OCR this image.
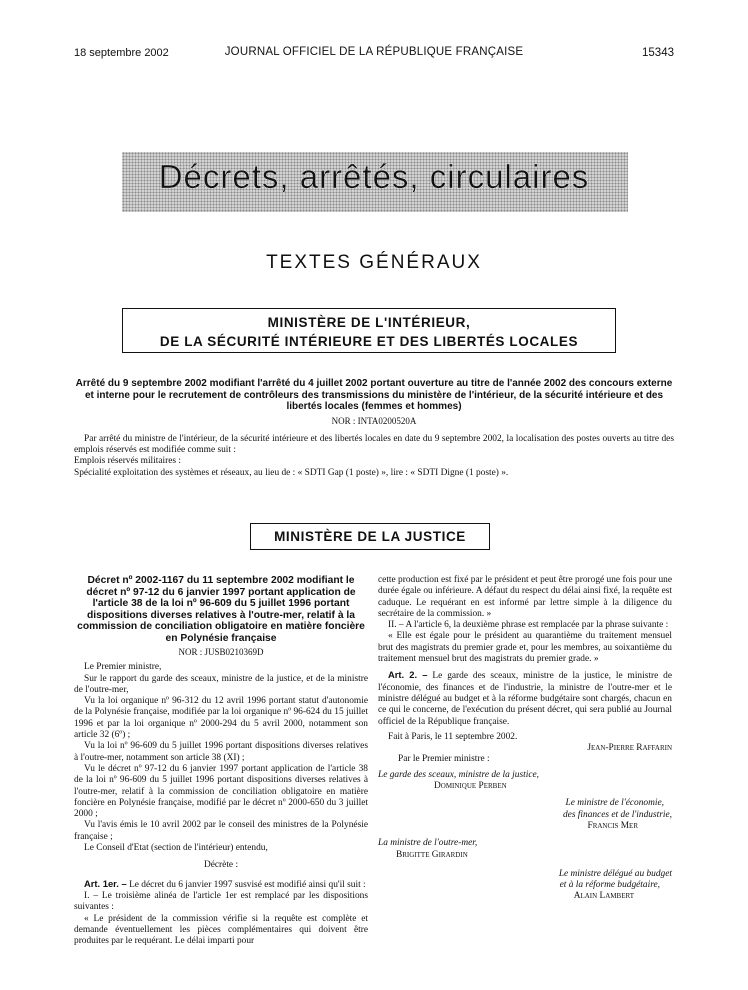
18 septembre 2002	JOURNAL OFFICIEL DE LA RÉPUBLIQUE FRANÇAISE	15343
Décrets, arrêtés, circulaires
TEXTES GÉNÉRAUX
MINISTÈRE DE L'INTÉRIEUR,
DE LA SÉCURITÉ INTÉRIEURE ET DES LIBERTÉS LOCALES
Arrêté du 9 septembre 2002 modifiant l'arrêté du 4 juillet 2002 portant ouverture au titre de l'année 2002 des concours externe et interne pour le recrutement de contrôleurs des transmissions du ministère de l'intérieur, de la sécurité intérieure et des libertés locales (femmes et hommes)
NOR : INTA0200520A

Par arrêté du ministre de l'intérieur, de la sécurité intérieure et des libertés locales en date du 9 septembre 2002, la localisation des postes ouverts au titre des emplois réservés est modifiée comme suit :

Emplois réservés militaires :

Spécialité exploitation des systèmes et réseaux, au lieu de : « SDTI Gap (1 poste) », lire : « SDTI Digne (1 poste) ».

MINISTÈRE DE LA JUSTICE
Décret nº 2002-1167 du 11 septembre 2002 modifiant le décret nº 97-12 du 6 janvier 1997 portant application de l'article 38 de la loi nº 96-609 du 5 juillet 1996 portant dispositions diverses relatives à l'outre-mer, relatif à la commission de conciliation obligatoire en matière foncière en Polynésie française
NOR : JUSB0210369D

Le Premier ministre,

Sur le rapport du garde des sceaux, ministre de la justice, et de la ministre de l'outre-mer,

Vu la loi organique nº 96-312 du 12 avril 1996 portant statut d'autonomie de la Polynésie française, modifiée par la loi organique nº 96-624 du 15 juillet 1996 et par la loi organique nº 2000-294 du 5 avril 2000, notamment son article 32 (6º) ;

Vu la loi nº 96-609 du 5 juillet 1996 portant dispositions diverses relatives à l'outre-mer, notamment son article 38 (XI) ;

Vu le décret nº 97-12 du 6 janvier 1997 portant application de l'article 38 de la loi nº 96-609 du 5 juillet 1996 portant dispositions diverses relatives à l'outre-mer, relatif à la commission de conciliation obligatoire en matière foncière en Polynésie française, modifié par le décret nº 2000-650 du 3 juillet 2000 ;

Vu l'avis émis le 10 avril 2002 par le conseil des ministres de la Polynésie française ;

Le Conseil d'Etat (section de l'intérieur) entendu,

Décrète :

Art. 1er. – Le décret du 6 janvier 1997 susvisé est modifié ainsi qu'il suit :

I. – Le troisième alinéa de l'article 1er est remplacé par les dispositions suivantes :

« Le président de la commission vérifie si la requête est complète et demande éventuellement les pièces complémentaires qui doivent être produites par le requérant. Le délai imparti pour

cette production est fixé par le président et peut être prorogé une fois pour une durée égale ou inférieure. A défaut du respect du délai ainsi fixé, la requête est caduque. Le requérant en est informé par lettre simple à la diligence du secrétaire de la commission. »

II. – A l'article 6, la deuxième phrase est remplacée par la phrase suivante :

« Elle est égale pour le président au quarantième du traitement mensuel brut des magistrats du premier grade et, pour les membres, au soixantième du traitement mensuel brut des magistrats du premier grade. »

Art. 2. – Le garde des sceaux, ministre de la justice, le ministre de l'économie, des finances et de l'industrie, la ministre de l'outre-mer et le ministre délégué au budget et à la réforme budgétaire sont chargés, chacun en ce qui le concerne, de l'exécution du présent décret, qui sera publié au Journal officiel de la République française.

Fait à Paris, le 11 septembre 2002.

Jean-Pierre Raffarin
Par le Premier ministre :
Le garde des sceaux, ministre de la justice,
Dominique Perben
Le ministre de l'économie,
des finances et de l'industrie,
Francis Mer
La ministre de l'outre-mer,
Brigitte Girardin
Le ministre délégué au budget
et à la réforme budgétaire,
Alain Lambert
